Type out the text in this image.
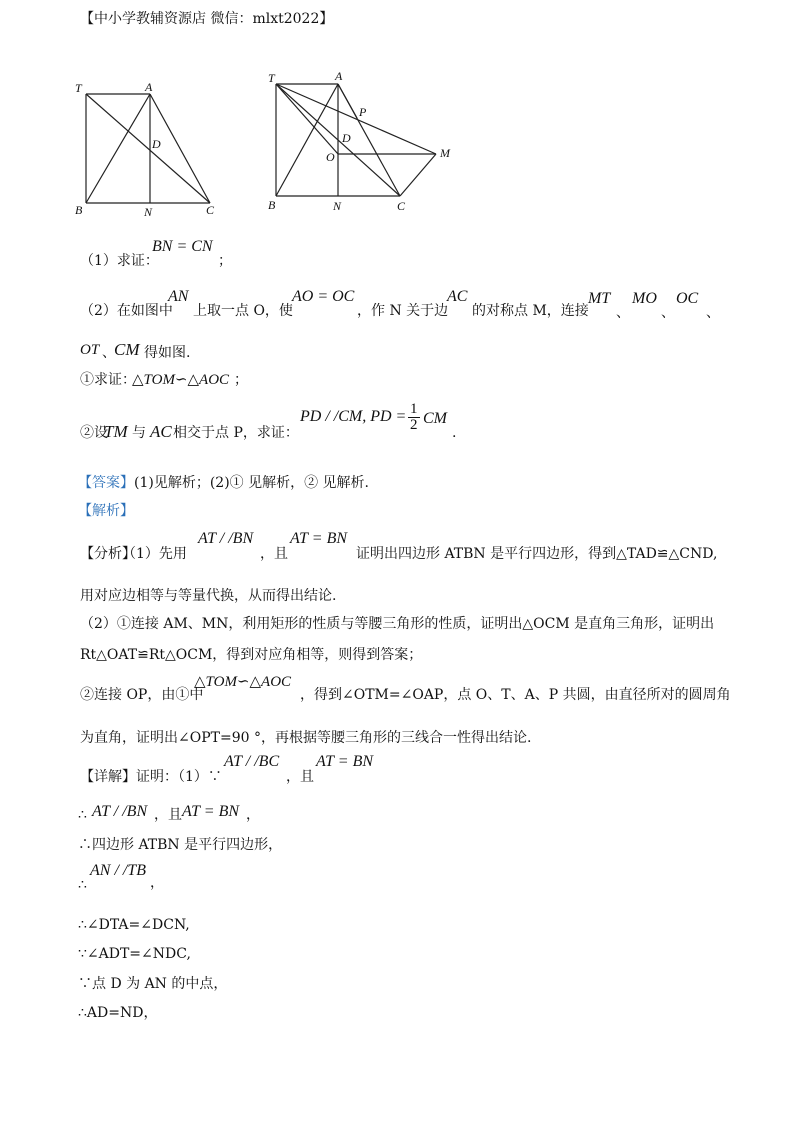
【中小学教辅资源店 微信：mlxt2022】
T	A
D
B	N	C
T	A
P
D
O	M
B	N	C
（1）求证：
BN = CN
；
（2）在如图中
AN
上取一点 O，使
AO = OC
，作 N 关于边
AC
的对称点 M，连接
MT
、
MO
、
OC
、
OT 、
CM 得如图.
①求证：
△TOM∽△AOC ；
②设
TM 与 AC 相交于点 P，求证：
PD / /CM, PD = $\frac{1}{2}$ CM
.
【答案】(1)见解析；(2)① 见解析，② 见解析.
【解析】
【分析】
（1）先用
AT / /BN
，且
AT = BN
证明出四边形 ATBN 是平行四边形，得到△TAD≌△CND,
用对应边相等与等量代换，从而得出结论.
（2）①连接 AM、MN，利用矩形的性质与等腰三角形的性质，证明出△OCM 是直角三角形，证明出
Rt△OAT≌Rt△OCM，得到对应角相等，则得到答案；
②连接 OP，由①中
△TOM∽△AOC
，得到∠OTM=∠OAP，点 O、T、A、P 共圆，由直径所对的圆周角
为直角，证明出∠OPT=90 °，再根据等腰三角形的三线合一性得出结论.
【详解】证明：（1）∵
AT / /BC
，且
AT = BN
∴ AT / /BN ，且 AT = BN ，
∴四边形 ATBN 是平行四边形，
∴
AN / /TB
，
∴∠DTA=∠DCN,
∵∠ADT=∠NDC,
∵点 D 为 AN 的中点，
∴AD=ND，
